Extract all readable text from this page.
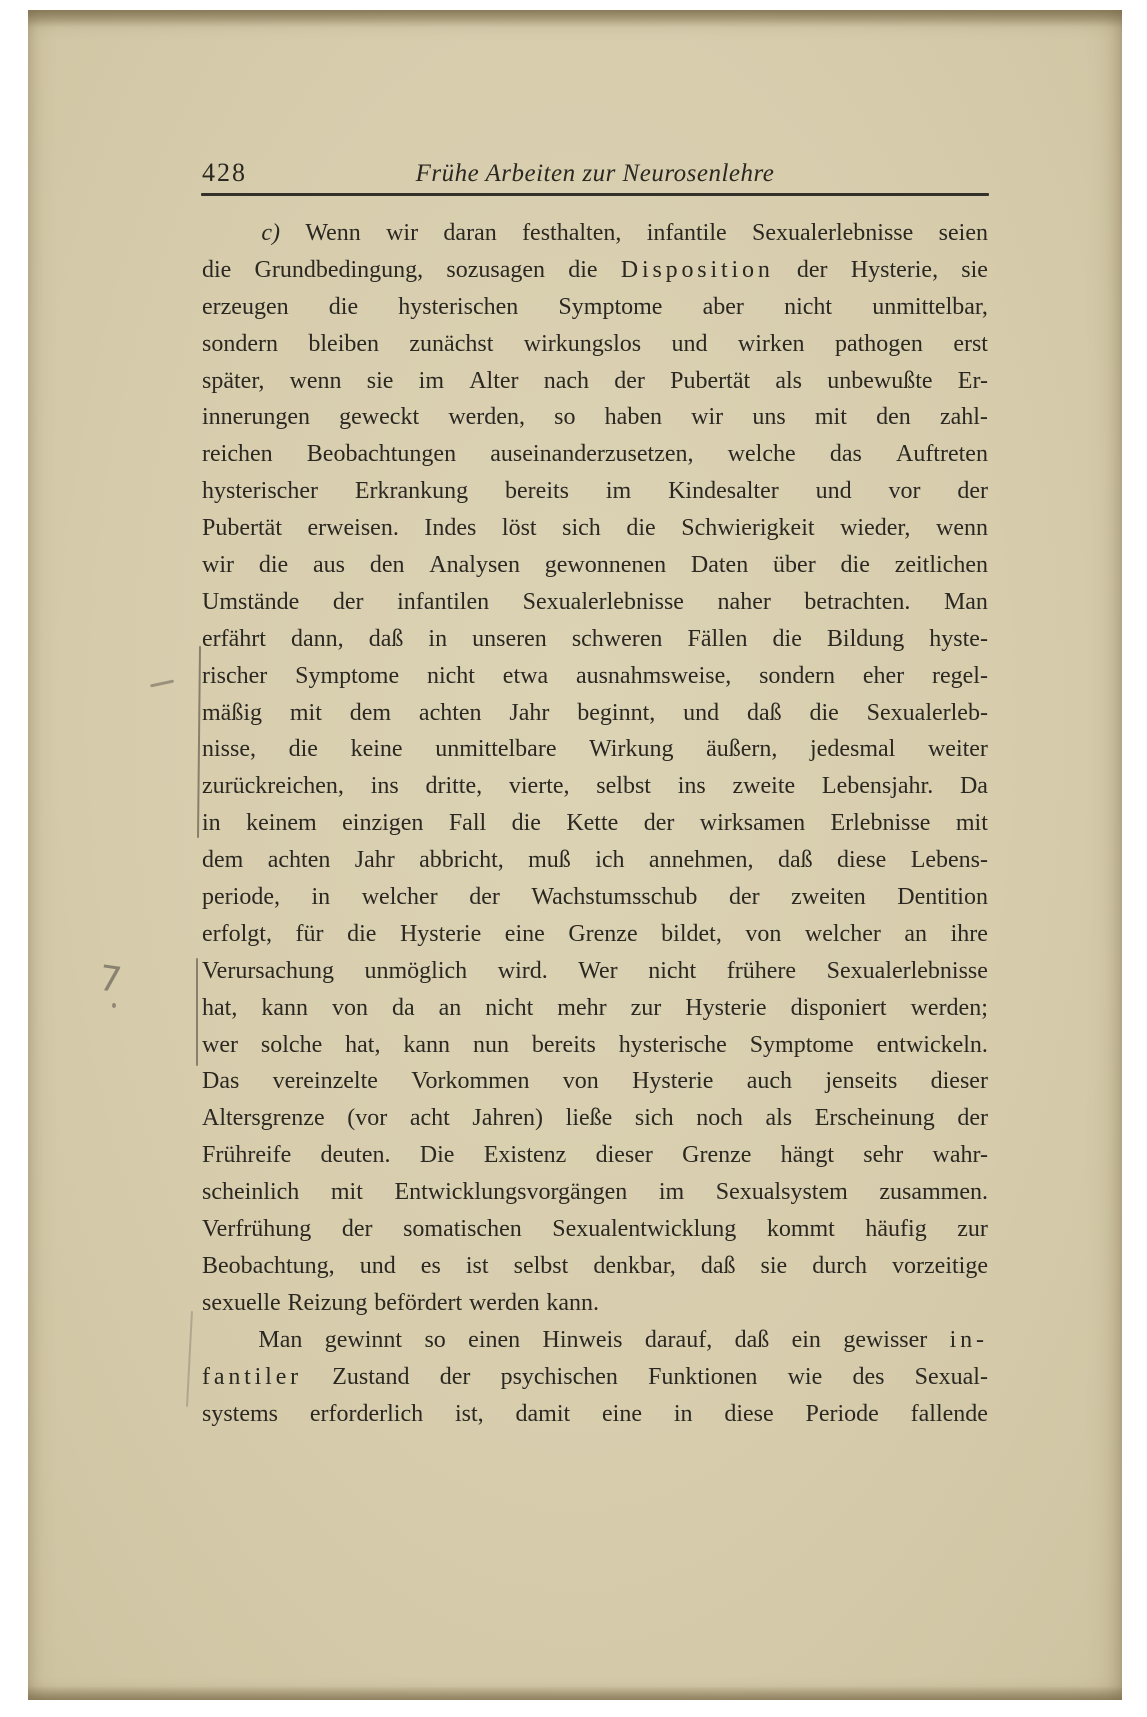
428	Frühe Arbeiten zur Neurosenlehre
c) Wenn wir daran festhalten, infantile Sexualerlebnisse seien
die Grundbedingung, sozusagen die Disposition der Hysterie, sie
erzeugen die hysterischen Symptome aber nicht unmittelbar,
sondern bleiben zunächst wirkungslos und wirken pathogen erst
später, wenn sie im Alter nach der Pubertät als unbewußte Er-
innerungen geweckt werden, so haben wir uns mit den zahl-
reichen Beobachtungen auseinanderzusetzen, welche das Auftreten
hysterischer Erkrankung bereits im Kindesalter und vor der
Pubertät erweisen. Indes löst sich die Schwierigkeit wieder, wenn
wir die aus den Analysen gewonnenen Daten über die zeitlichen
Umstände der infantilen Sexualerlebnisse naher betrachten. Man
erfährt dann, daß in unseren schweren Fällen die Bildung hyste-
rischer Symptome nicht etwa ausnahmsweise, sondern eher regel-
mäßig mit dem achten Jahr beginnt, und daß die Sexualerleb-
nisse, die keine unmittelbare Wirkung äußern, jedesmal weiter
zurückreichen, ins dritte, vierte, selbst ins zweite Lebensjahr. Da
in keinem einzigen Fall die Kette der wirksamen Erlebnisse mit
dem achten Jahr abbricht, muß ich annehmen, daß diese Lebens-
periode, in welcher der Wachstumsschub der zweiten Dentition
erfolgt, für die Hysterie eine Grenze bildet, von welcher an ihre
Verursachung unmöglich wird. Wer nicht frühere Sexualerlebnisse
hat, kann von da an nicht mehr zur Hysterie disponiert werden;
wer solche hat, kann nun bereits hysterische Symptome entwickeln.
Das vereinzelte Vorkommen von Hysterie auch jenseits dieser
Altersgrenze (vor acht Jahren) ließe sich noch als Erscheinung der
Frühreife deuten. Die Existenz dieser Grenze hängt sehr wahr-
scheinlich mit Entwicklungsvorgängen im Sexualsystem zusammen.
Verfrühung der somatischen Sexualentwicklung kommt häufig zur
Beobachtung, und es ist selbst denkbar, daß sie durch vorzeitige
sexuelle Reizung befördert werden kann.
Man gewinnt so einen Hinweis darauf, daß ein gewisser in-
fantiler Zustand der psychischen Funktionen wie des Sexual-
systems erforderlich ist, damit eine in diese Periode fallende
7
